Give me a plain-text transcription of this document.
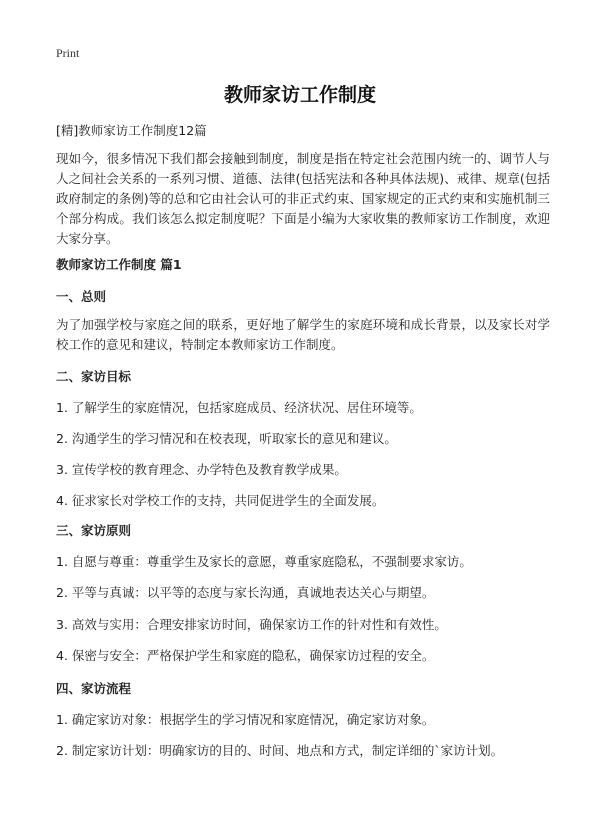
Print
教师家访工作制度

[精]教师家访工作制度12篇

现如今，很多情况下我们都会接触到制度，制度是指在特定社会范围内统一的、调节人与人之间社会关系的一系列习惯、道德、法律(包括宪法和各种具体法规)、戒律、规章(包括政府制定的条例)等的总和它由社会认可的非正式约束、国家规定的正式约束和实施机制三个部分构成。我们该怎么拟定制度呢？下面是小编为大家收集的教师家访工作制度，欢迎大家分享。

教师家访工作制度 篇1

一、总则

为了加强学校与家庭之间的联系，更好地了解学生的家庭环境和成长背景，以及家长对学校工作的意见和建议，特制定本教师家访工作制度。

二、家访目标

1. 了解学生的家庭情况，包括家庭成员、经济状况、居住环境等。

2. 沟通学生的学习情况和在校表现，听取家长的意见和建议。

3. 宣传学校的教育理念、办学特色及教育教学成果。

4. 征求家长对学校工作的支持，共同促进学生的全面发展。

三、家访原则

1. 自愿与尊重：尊重学生及家长的意愿，尊重家庭隐私，不强制要求家访。

2. 平等与真诚：以平等的态度与家长沟通，真诚地表达关心与期望。

3. 高效与实用：合理安排家访时间，确保家访工作的针对性和有效性。

4. 保密与安全：严格保护学生和家庭的隐私，确保家访过程的安全。

四、家访流程

1. 确定家访对象：根据学生的学习情况和家庭情况，确定家访对象。

2. 制定家访计划：明确家访的目的、时间、地点和方式，制定详细的`家访计划。
